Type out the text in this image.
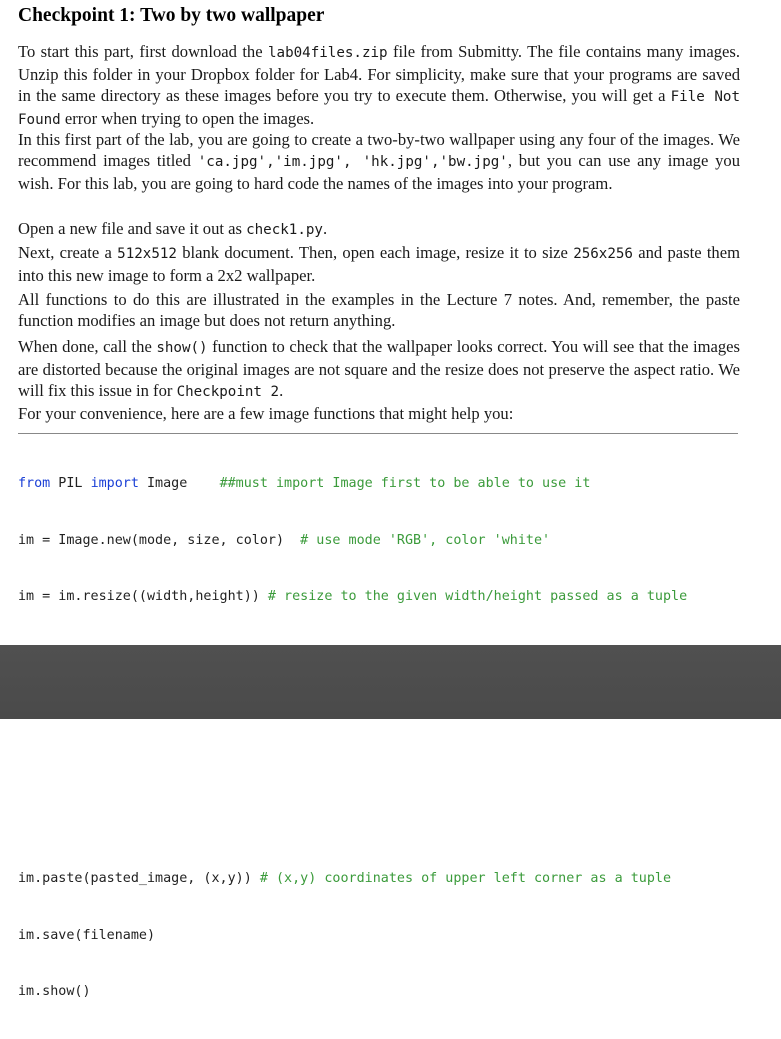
Checkpoint 1: Two by two wallpaper

To start this part, first download the lab04files.zip file from Submitty. The file contains many images. Unzip this folder in your Dropbox folder for Lab4. For simplicity, make sure that your programs are saved in the same directory as these images before you try to execute them. Otherwise, you will get a File Not Found error when trying to open the images.

In this first part of the lab, you are going to create a two-by-two wallpaper using any four of the images. We recommend images titled 'ca.jpg','im.jpg', 'hk.jpg','bw.jpg', but you can use any image you wish. For this lab, you are going to hard code the names of the images into your program.

Open a new file and save it out as check1.py.

Next, create a 512x512 blank document. Then, open each image, resize it to size 256x256 and paste them into this new image to form a 2x2 wallpaper.

All functions to do this are illustrated in the examples in the Lecture 7 notes. And, remember, the paste function modifies an image but does not return anything.

When done, call the show() function to check that the wallpaper looks correct. You will see that the images are distorted because the original images are not square and the resize does not preserve the aspect ratio. We will fix this issue in for Checkpoint 2.

For your convenience, here are a few image functions that might help you:

from PIL import Image    ##must import Image first to be able to use it

im = Image.new(mode, size, color)  # use mode 'RGB', color 'white'

im = im.resize((width,height)) # resize to the given width/height passed as a tuple

im.paste(pasted_image, (x,y)) # (x,y) coordinates of upper left corner as a tuple

im.save(filename)

im.show()
